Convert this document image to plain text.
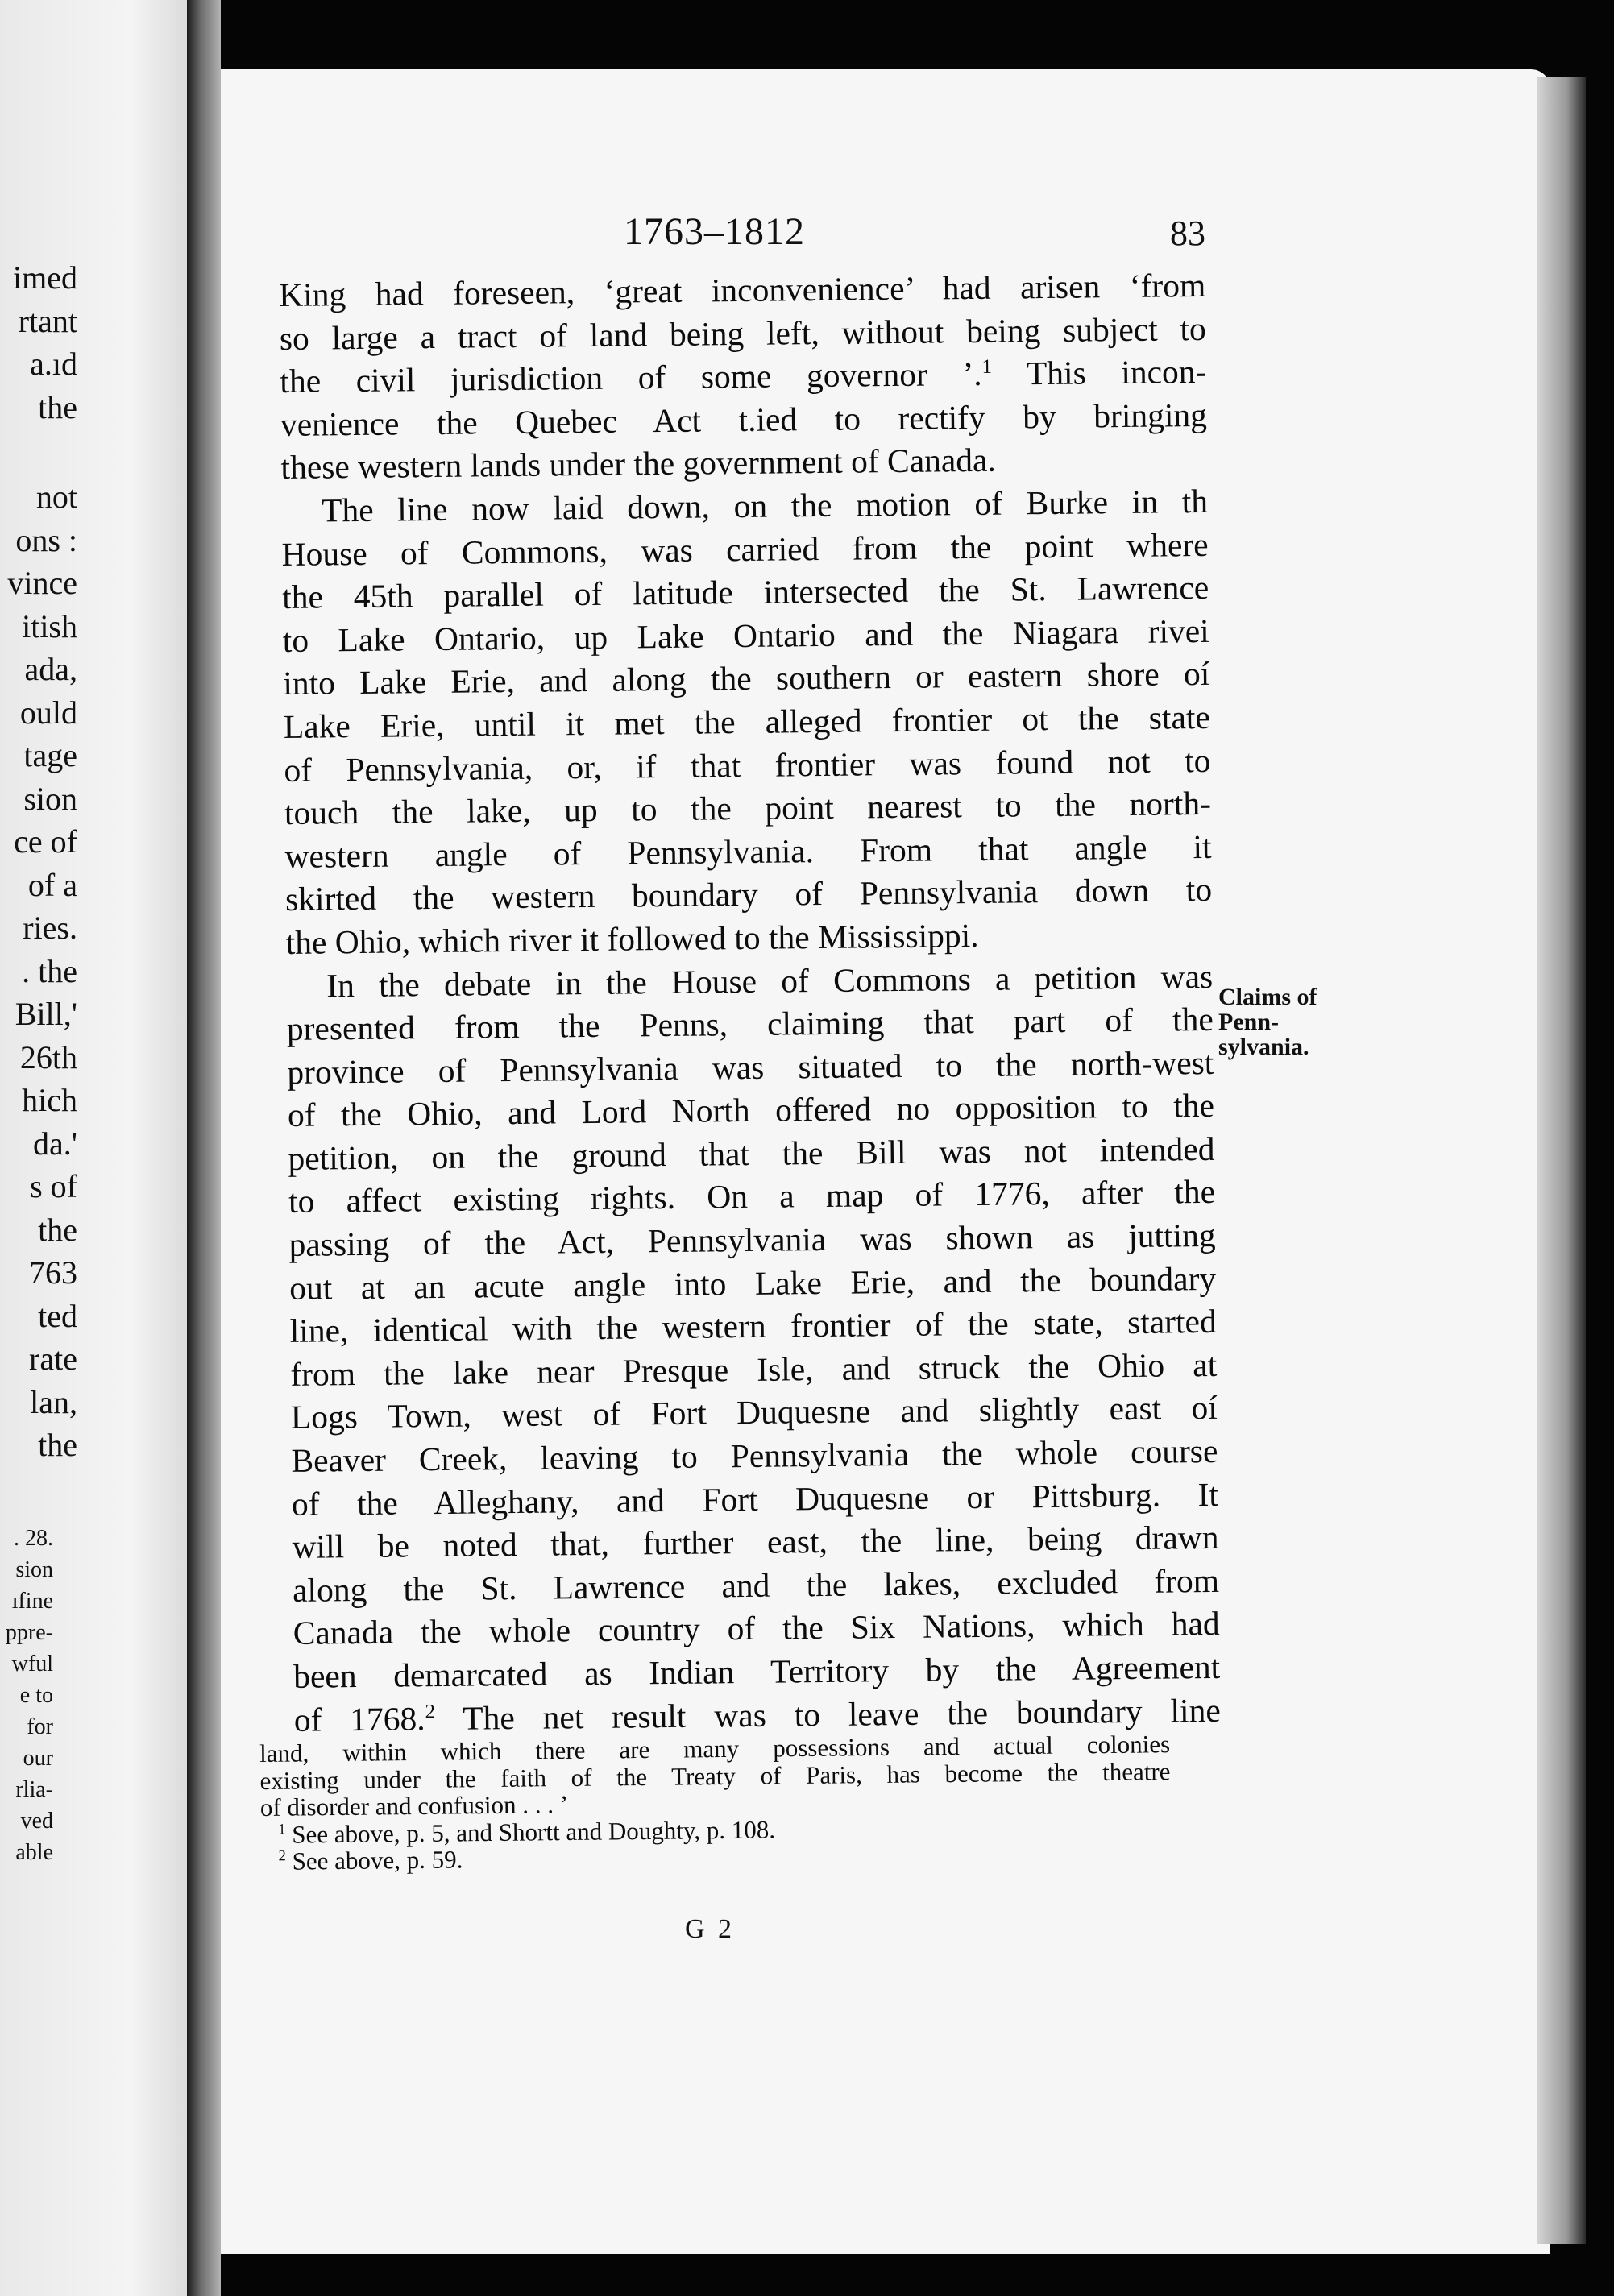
imed
rtant
a.ıd
the
not
ons :
vince
itish
ada,
ould
tage
sion
ce of
of a
ries.
. the
Bill,'
26th
hich
da.'
s of
the
763
ted
rate
lan,
the
. 28.
sion
ıfine
ppre-
wful
e to
for
our
rlia-
ved
able
1763–1812	83

King had foreseen, ‘great inconvenience’ had arisen ‘from

so large a tract of land being left, without being subject to

the civil jurisdiction of some governor ’.$^1$ This incon-

venience the Quebec Act t.ied to rectify by bringing

these western lands under the government of Canada.

The line now laid down, on the motion of Burke in th

House of Commons, was carried from the point where

the 45th parallel of latitude intersected the St. Lawrence

to Lake Ontario, up Lake Ontario and the Niagara rivei

into Lake Erie, and along the southern or eastern shore oí

Lake Erie, until it met the alleged frontier ot the state

of Pennsylvania, or, if that frontier was found not to

touch the lake, up to the point nearest to the north-

western angle of Pennsylvania. From that angle it

skirted the western boundary of Pennsylvania down to

the Ohio, which river it followed to the Mississippi.

In the debate in the House of Commons a petition was

presented from the Penns, claiming that part of the

province of Pennsylvania was situated to the north-west

of the Ohio, and Lord North offered no opposition to the

petition, on the ground that the Bill was not intended

to affect existing rights. On a map of 1776, after the

passing of the Act, Pennsylvania was shown as jutting

out at an acute angle into Lake Erie, and the boundary

line, identical with the western frontier of the state, started

from the lake near Presque Isle, and struck the Ohio at

Logs Town, west of Fort Duquesne and slightly east oí

Beaver Creek, leaving to Pennsylvania the whole course

of the Alleghany, and Fort Duquesne or Pittsburg. It

will be noted that, further east, the line, being drawn

along the St. Lawrence and the lakes, excluded from

Canada the whole country of the Six Nations, which had

been demarcated as Indian Territory by the Agreement

of 1768.$^2$ The net result was to leave the boundary line

Claims of
Penn-
sylvania.

land, within which there are many possessions and actual colonies

existing under the faith of the Treaty of Paris, has become the theatre

of disorder and confusion . . . ’

$^1$ See above, p. 5, and Shortt and Doughty, p. 108.

$^2$ See above, p. 59.

G 2
